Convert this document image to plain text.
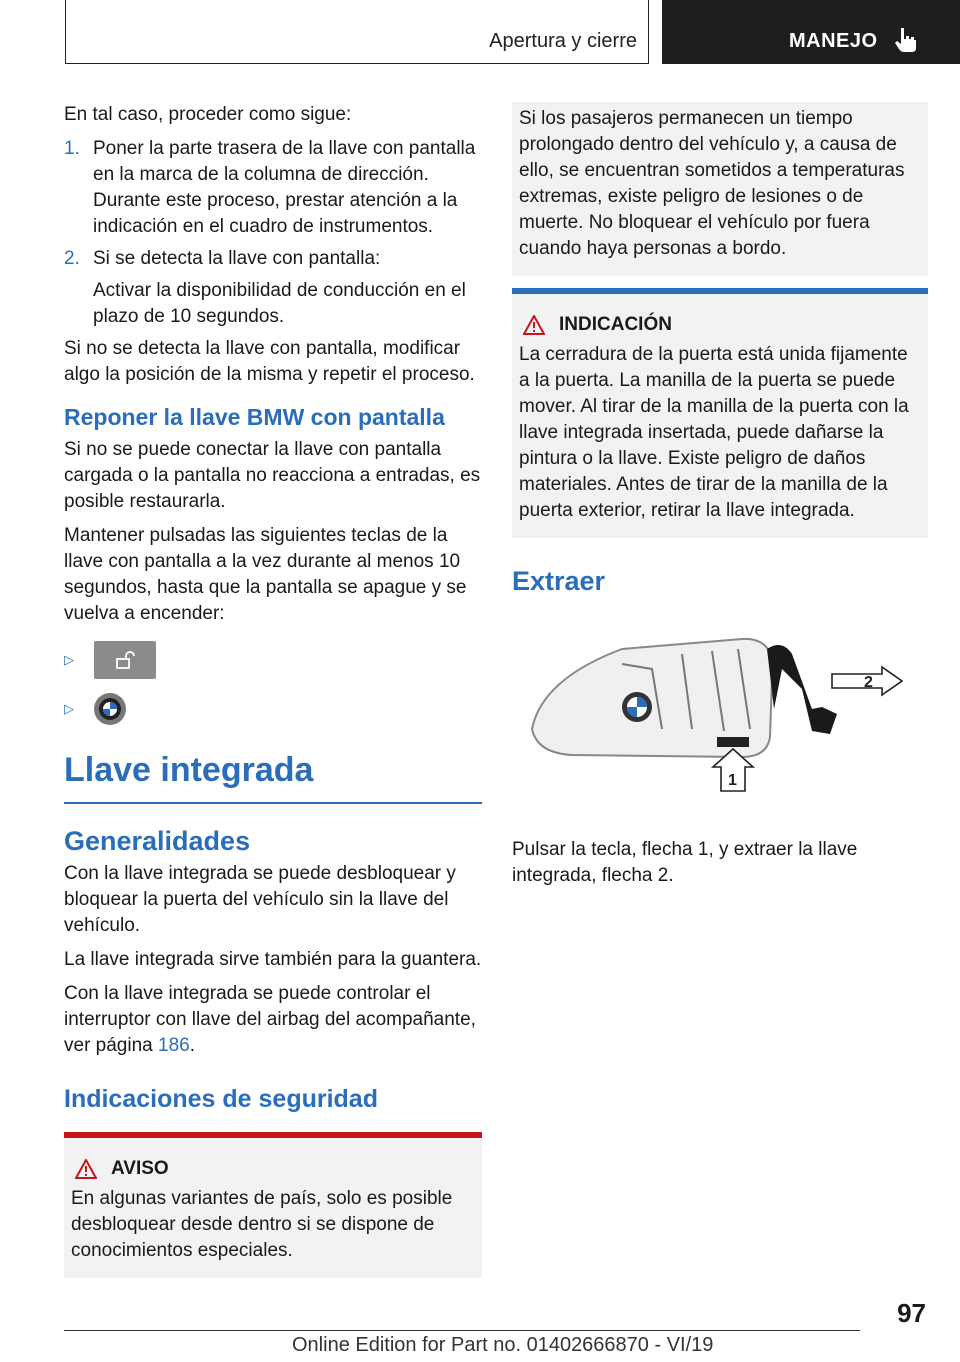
Apertura y cierre	MANEJO

En tal caso, proceder como sigue:

1. Poner la parte trasera de la llave con pantalla en la marca de la columna de dirección. Durante este proceso, prestar atención a la indicación en el cuadro de instrumentos.
2. Si se detecta la llave con pantalla:

Activar la disponibilidad de conducción en el plazo de 10 segundos.

Si no se detecta la llave con pantalla, modificar algo la posición de la misma y repetir el proceso.

Reponer la llave BMW con pantalla

Si no se puede conectar la llave con pantalla cargada o la pantalla no reacciona a entradas, es posible restaurarla.

Mantener pulsadas las siguientes teclas de la llave con pantalla a la vez durante al menos 10 segundos, hasta que la pantalla se apague y se vuelva a encender:

▷
▷
Llave integrada
Generalidades

Con la llave integrada se puede desbloquear y bloquear la puerta del vehículo sin la llave del vehículo.

La llave integrada sirve también para la guantera.

Con la llave integrada se puede controlar el interruptor con llave del airbag del acompañante, ver página 186.

Indicaciones de seguridad
AVISO

En algunas variantes de país, solo es posible desbloquear desde dentro si se dispone de conocimientos especiales.

Si los pasajeros permanecen un tiempo prolongado dentro del vehículo y, a causa de ello, se encuentran sometidos a temperaturas extremas, existe peligro de lesiones o de muerte. No bloquear el vehículo por fuera cuando haya personas a bordo.

INDICACIÓN

La cerradura de la puerta está unida fijamente a la puerta. La manilla de la puerta se puede mover. Al tirar de la manilla de la puerta con la llave integrada insertada, puede dañarse la pintura o la llave. Existe peligro de daños materiales. Antes de tirar de la manilla de la puerta exterior, retirar la llave integrada.

Extraer
2
1

Pulsar la tecla, flecha 1, y extraer la llave integrada, flecha 2.

97
Online Edition for Part no. 01402666870 - VI/19
